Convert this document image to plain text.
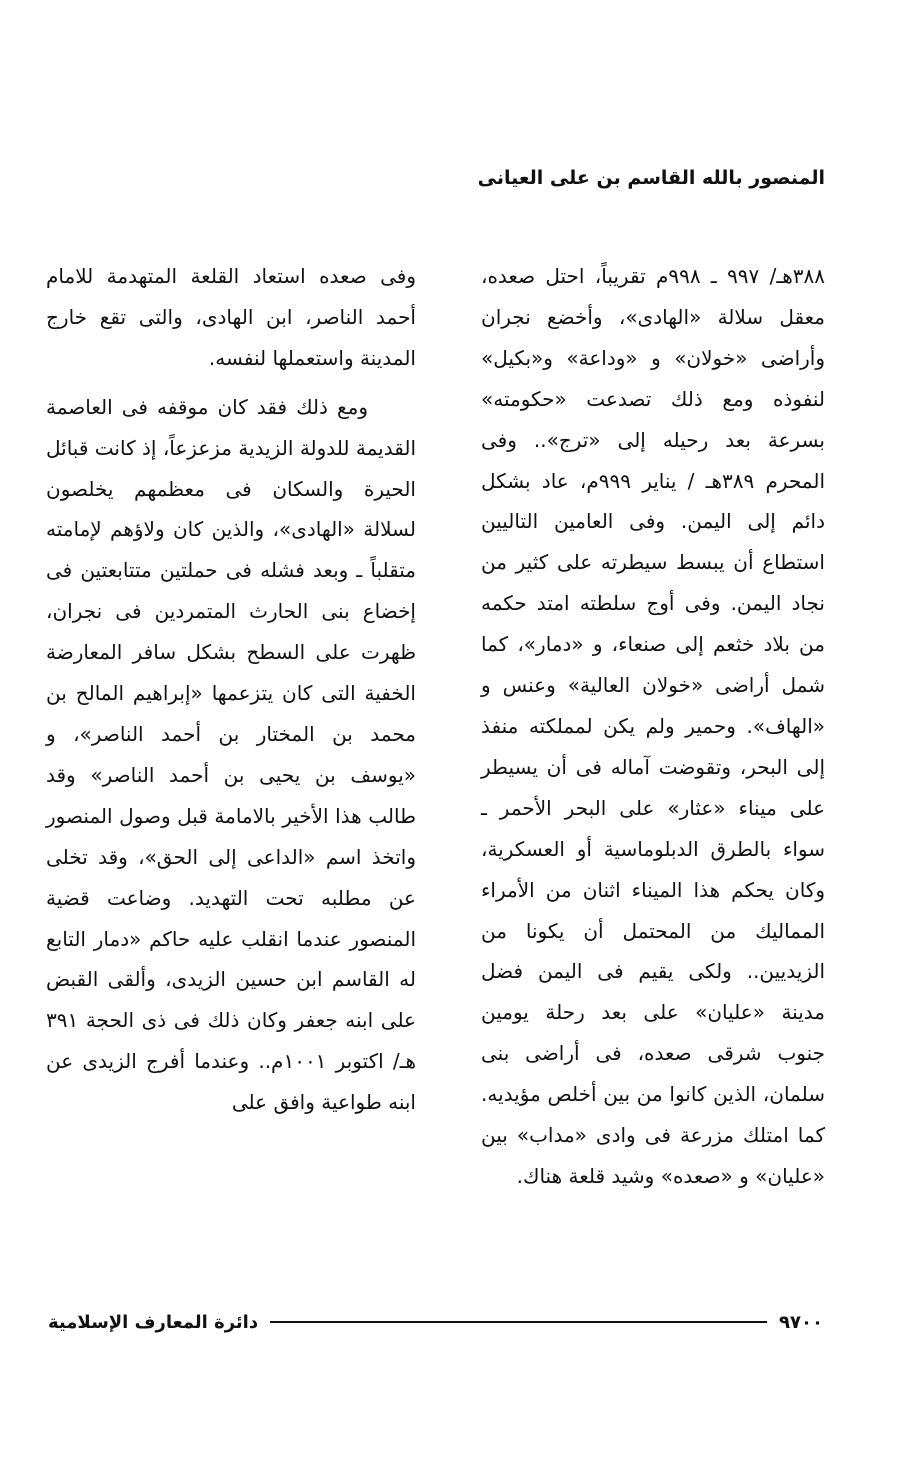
المنصور بالله القاسم بن على العيانى

٣٨٨هـ/ ٩٩٧ ـ ٩٩٨م تقريباً، احتل صعده، معقل سلالة «الهادى»، وأخضع نجران وأراضى «خولان» و «وداعة» و«بكيل» لنفوذه ومع ذلك تصدعت «حكومته» بسرعة بعد رحيله إلى «ترج».. وفى المحرم ٣٨٩هـ / يناير ٩٩٩م، عاد بشكل دائم إلى اليمن. وفى العامين التاليين استطاع أن يبسط سيطرته على كثير من نجاد اليمن. وفى أوج سلطته امتد حكمه من بلاد خثعم إلى صنعاء، و «دمار»، كما شمل أراضى «خولان العالية» وعنس و «الهاف». وحمير ولم يكن لمملكته منفذ إلى البحر، وتقوضت آماله فى أن يسيطر على ميناء «عثار» على البحر الأحمر ـ سواء بالطرق الدبلوماسية أو العسكرية، وكان يحكم هذا الميناء اثنان من الأمراء المماليك من المحتمل أن يكونا من الزيديين.. ولكى يقيم فى اليمن فضل مدينة «عليان» على بعد رحلة يومين جنوب شرقى صعده، فى أراضى بنى سلمان، الذين كانوا من بين أخلص مؤيديه. كما امتلك مزرعة فى وادى «مداب» بين «عليان» و «صعده» وشيد قلعة هناك.

وفى صعده استعاد القلعة المتهدمة للامام أحمد الناصر، ابن الهادى، والتى تقع خارج المدينة واستعملها لنفسه.

ومع ذلك فقد كان موقفه فى العاصمة القديمة للدولة الزيدية مزعزعاً، إذ كانت قبائل الحيرة والسكان فى معظمهم يخلصون لسلالة «الهادى»، والذين كان ولاؤهم لإمامته متقلباً ـ وبعد فشله فى حملتين متتابعتين فى إخضاع بنى الحارث المتمردين فى نجران، ظهرت على السطح بشكل سافر المعارضة الخفية التى كان يتزعمها «إبراهيم المالح بن محمد بن المختار بن أحمد الناصر»، و «يوسف بن يحيى بن أحمد الناصر» وقد طالب هذا الأخير بالامامة قبل وصول المنصور واتخذ اسم «الداعى إلى الحق»، وقد تخلى عن مطلبه تحت التهديد. وضاعت قضية المنصور عندما انقلب عليه حاكم «دمار التابع له القاسم ابن حسين الزيدى، وألقى القبض على ابنه جعفر وكان ذلك فى ذى الحجة ٣٩١ هـ/ اكتوبر ١٠٠١م.. وعندما أفرج الزيدى عن ابنه طواعية وافق على

٩٧٠٠
دائرة المعارف الإسلامية
